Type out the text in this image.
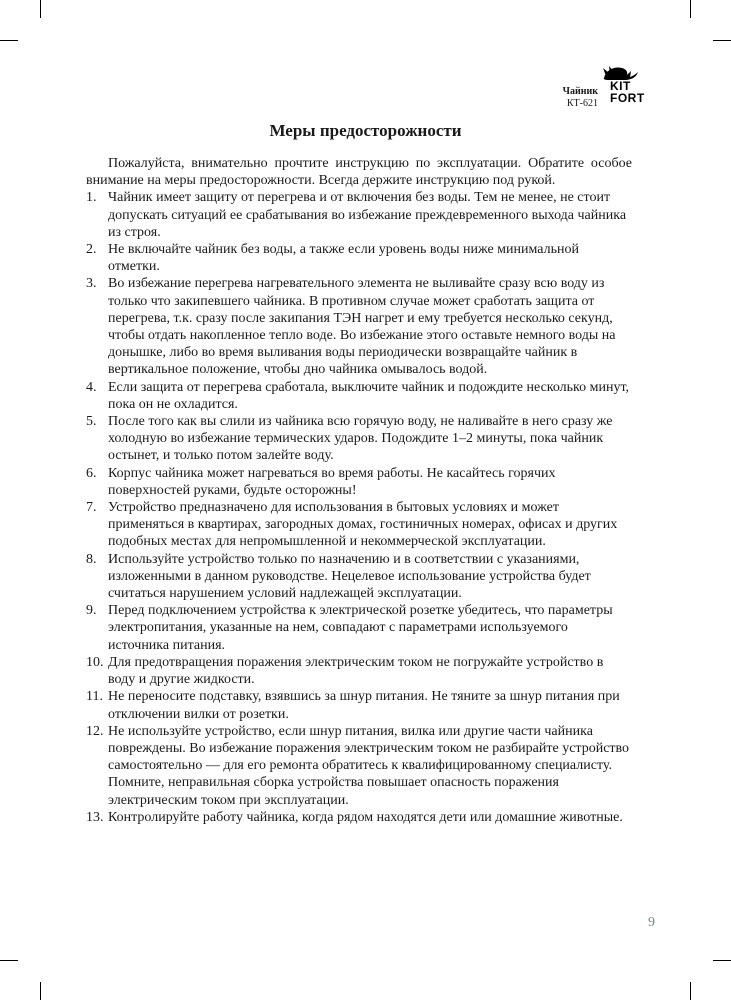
Чайник
КТ-621
KIT
FORT
Меры предосторожности

Пожалуйста, внимательно прочтите инструкцию по эксплуатации. Обратите особое внимание на меры предосторожности. Всегда держите инструкцию под рукой.

1. Чайник имеет защиту от перегрева и от включения без воды. Тем не менее, не стоит допускать ситуаций ее срабатывания во избежание преждевременного выхода чайника из строя.
2. Не включайте чайник без воды, а также если уровень воды ниже минимальной отметки.
3. Во избежание перегрева нагревательного элемента не выливайте сразу всю воду из только что закипевшего чайника. В противном случае может сработать защита от перегрева, т.к. сразу после закипания ТЭН нагрет и ему требуется несколько секунд, чтобы отдать накопленное тепло воде. Во избежание этого оставьте немного воды на донышке, либо во время выливания воды периодически возвращайте чайник в вертикальное положение, чтобы дно чайника омывалось водой.
4. Если защита от перегрева сработала, выключите чайник и подождите несколько минут, пока он не охладится.
5. После того как вы слили из чайника всю горячую воду, не наливайте в него сразу же холодную во избежание термических ударов. Подождите 1–2 минуты, пока чайник остынет, и только потом залейте воду.
6. Корпус чайника может нагреваться во время работы. Не касайтесь горячих поверхностей руками, будьте осторожны!
7. Устройство предназначено для использования в бытовых условиях и может применяться в квартирах, загородных домах, гостиничных номерах, офисах и других подобных местах для непромышленной и некоммерческой эксплуатации.
8. Используйте устройство только по назначению и в соответствии с указаниями, изложенными в данном руководстве. Нецелевое использование устройства будет считаться нарушением условий надлежащей эксплуатации.
9. Перед подключением устройства к электрической розетке убедитесь, что параметры электропитания, указанные на нем, совпадают с параметрами используемого источника питания.
10. Для предотвращения поражения электрическим током не погружайте устройство в воду и другие жидкости.
11. Не переносите подставку, взявшись за шнур питания. Не тяните за шнур питания при отключении вилки от розетки.
12. Не используйте устройство, если шнур питания, вилка или другие части чайника повреждены. Во избежание поражения электрическим током не разбирайте устройство самостоятельно — для его ремонта обратитесь к квалифицированному специалисту. Помните, неправильная сборка устройства повышает опасность поражения электрическим током при эксплуатации.
13. Контролируйте работу чайника, когда рядом находятся дети или домашние животные.
9
